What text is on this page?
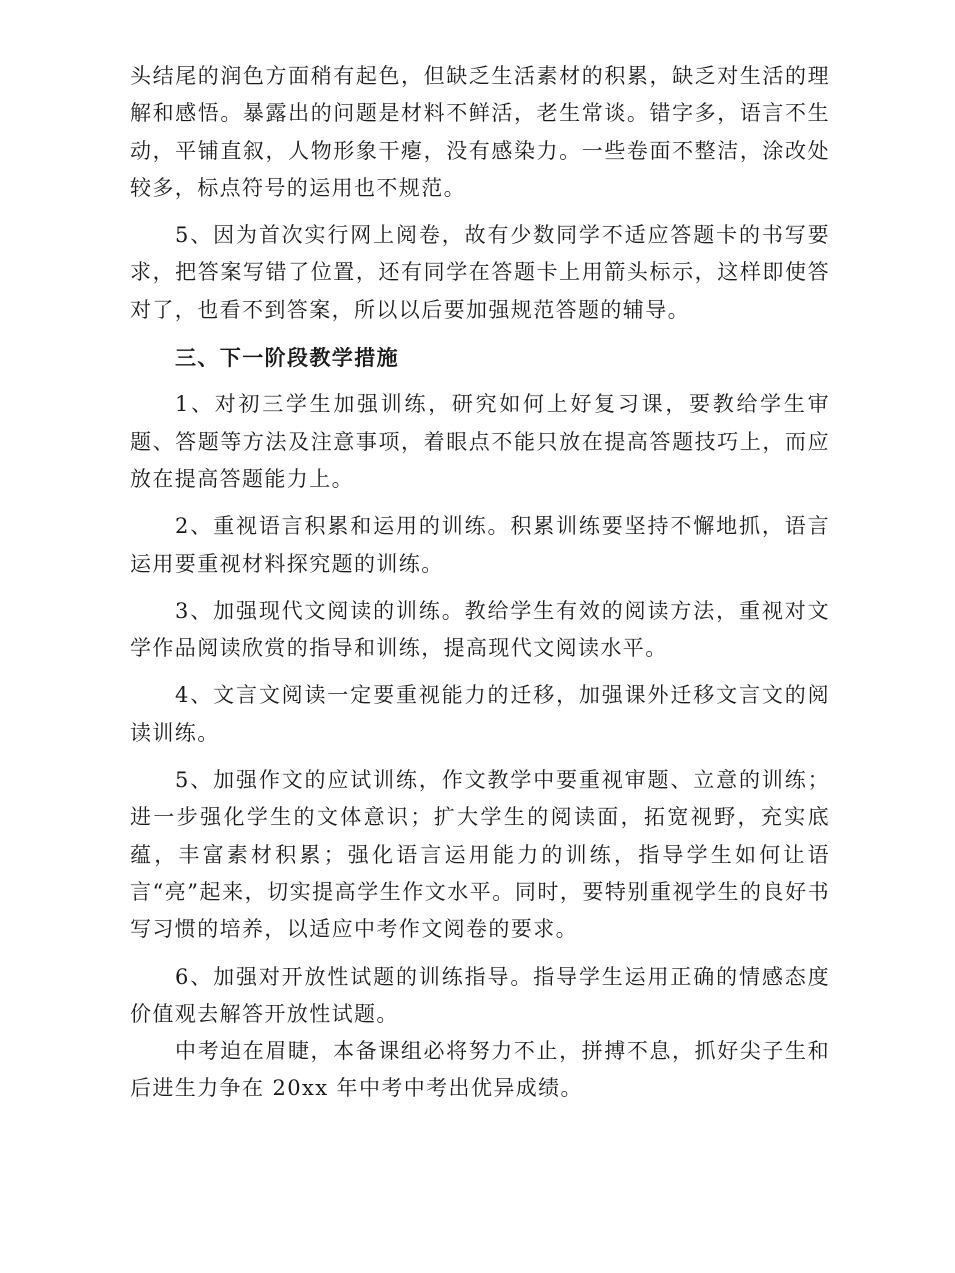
头结尾的润色方面稍有起色，但缺乏生活素材的积累，缺乏对生活的理解和感悟。暴露出的问题是材料不鲜活，老生常谈。错字多，语言不生动，平铺直叙，人物形象干瘪，没有感染力。一些卷面不整洁，涂改处较多，标点符号的运用也不规范。

5、因为首次实行网上阅卷，故有少数同学不适应答题卡的书写要求，把答案写错了位置，还有同学在答题卡上用箭头标示，这样即使答对了，也看不到答案，所以以后要加强规范答题的辅导。

三、下一阶段教学措施

1、对初三学生加强训练，研究如何上好复习课，要教给学生审题、答题等方法及注意事项，着眼点不能只放在提高答题技巧上，而应放在提高答题能力上。

2、重视语言积累和运用的训练。积累训练要坚持不懈地抓，语言运用要重视材料探究题的训练。

3、加强现代文阅读的训练。教给学生有效的阅读方法，重视对文学作品阅读欣赏的指导和训练，提高现代文阅读水平。

4、文言文阅读一定要重视能力的迁移，加强课外迁移文言文的阅读训练。

5、加强作文的应试训练，作文教学中要重视审题、立意的训练；进一步强化学生的文体意识；扩大学生的阅读面，拓宽视野，充实底蕴，丰富素材积累；强化语言运用能力的训练，指导学生如何让语言“亮”起来，切实提高学生作文水平。同时，要特别重视学生的良好书写习惯的培养，以适应中考作文阅卷的要求。

6、加强对开放性试题的训练指导。指导学生运用正确的情感态度价值观去解答开放性试题。

中考迫在眉睫，本备课组必将努力不止，拼搏不息，抓好尖子生和后进生力争在 20xx 年中考中考出优异成绩。
